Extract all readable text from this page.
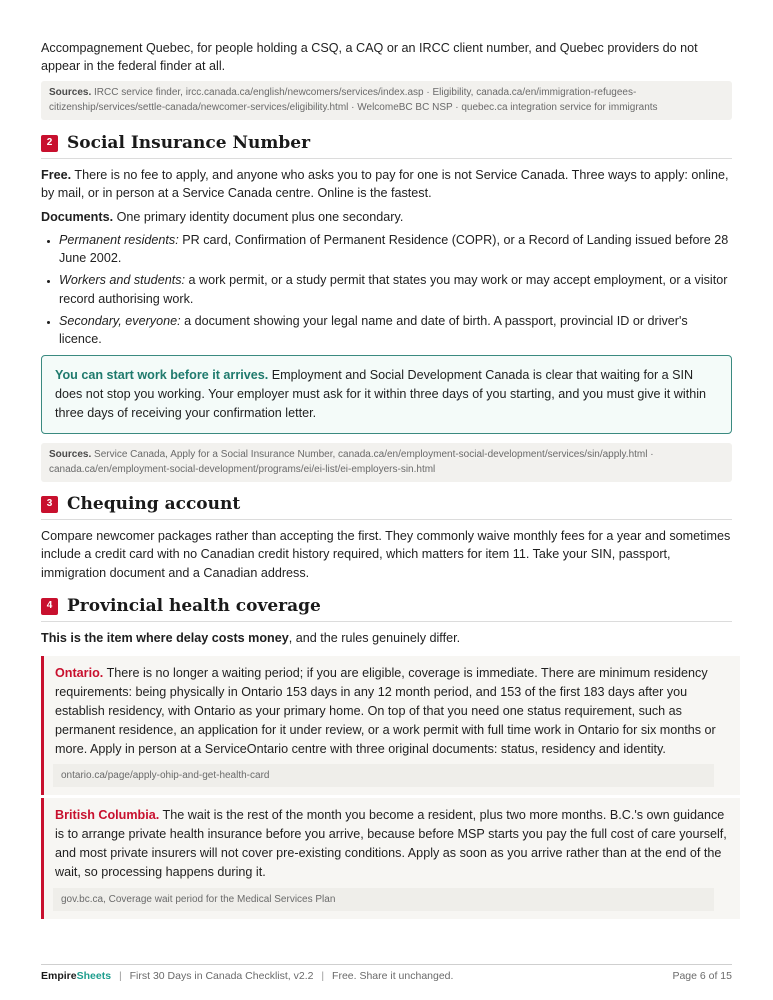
Accompagnement Quebec, for people holding a CSQ, a CAQ or an IRCC client number, and Quebec providers do not appear in the federal finder at all.

Sources. IRCC service finder, ircc.canada.ca/english/newcomers/services/index.asp · Eligibility, canada.ca/en/immigration-refugees-citizenship/services/settle-canada/newcomer-services/eligibility.html · WelcomeBC BC NSP · quebec.ca integration service for immigrants
2 Social Insurance Number

Free. There is no fee to apply, and anyone who asks you to pay for one is not Service Canada. Three ways to apply: online, by mail, or in person at a Service Canada centre. Online is the fastest.

Documents. One primary identity document plus one secondary.

• Permanent residents: PR card, Confirmation of Permanent Residence (COPR), or a Record of Landing issued before 28 June 2002.
• Workers and students: a work permit, or a study permit that states you may work or may accept employment, or a visitor record authorising work.
• Secondary, everyone: a document showing your legal name and date of birth. A passport, provincial ID or driver's licence.

You can start work before it arrives. Employment and Social Development Canada is clear that waiting for a SIN does not stop you working. Your employer must ask for it within three days of you starting, and you must give it within three days of receiving your confirmation letter.
Sources. Service Canada, Apply for a Social Insurance Number, canada.ca/en/employment-social-development/services/sin/apply.html · canada.ca/en/employment-social-development/programs/ei/ei-list/ei-employers-sin.html
3 Chequing account

Compare newcomer packages rather than accepting the first. They commonly waive monthly fees for a year and sometimes include a credit card with no Canadian credit history required, which matters for item 11. Take your SIN, passport, immigration document and a Canadian address.

4 Provincial health coverage

This is the item where delay costs money, and the rules genuinely differ.

Ontario. There is no longer a waiting period; if you are eligible, coverage is immediate. There are minimum residency requirements: being physically in Ontario 153 days in any 12 month period, and 153 of the first 183 days after you establish residency, with Ontario as your primary home. On top of that you need one status requirement, such as permanent residence, an application for it under review, or a work permit with full time work in Ontario for six months or more. Apply in person at a ServiceOntario centre with three original documents: status, residency and identity.
ontario.ca/page/apply-ohip-and-get-health-card
British Columbia. The wait is the rest of the month you become a resident, plus two more months. B.C.'s own guidance is to arrange private health insurance before you arrive, because before MSP starts you pay the full cost of care yourself, and most private insurers will not cover pre-existing conditions. Apply as soon as you arrive rather than at the end of the wait, so processing happens during it.
gov.bc.ca, Coverage wait period for the Medical Services Plan
EmpireSheets | First 30 Days in Canada Checklist, v2.2 | Free. Share it unchanged.	Page 6 of 15
